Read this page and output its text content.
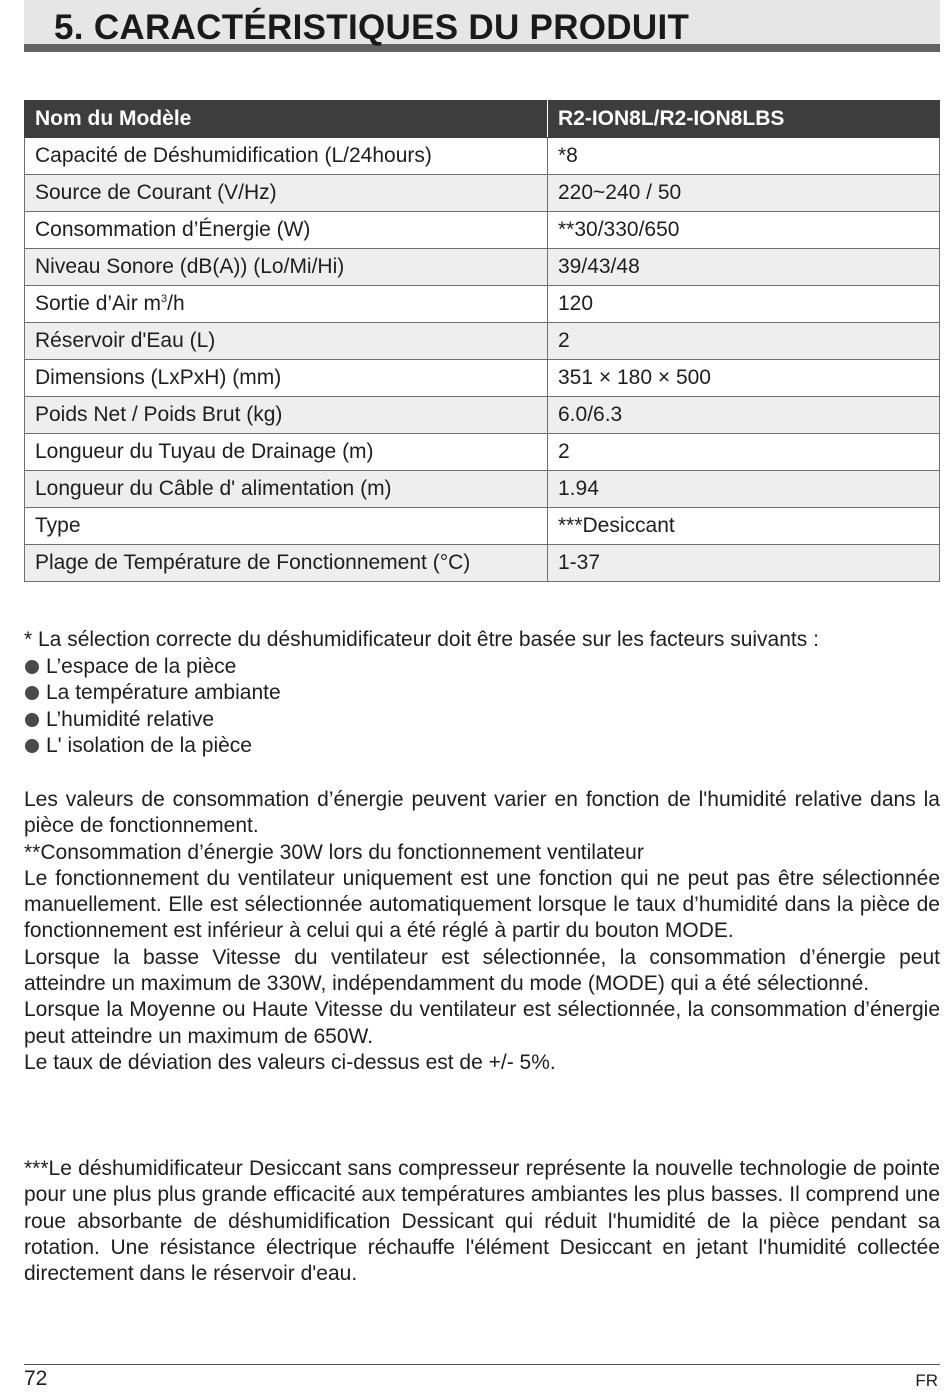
5. CARACTÉRISTIQUES DU PRODUIT
Nom du Modèle	R2-ION8L/R2-ION8LBS
Capacité de Déshumidification (L/24hours)	*8
Source de Courant (V/Hz)	220~240 / 50
Consommation d’Énergie (W)	**30/330/650
Niveau Sonore (dB(A)) (Lo/Mi/Hi)	39/43/48
Sortie d’Air $m^3/h$	120
Réservoir d'Eau (L)	2
Dimensions (LxPxH) (mm)	351 × 180 × 500
Poids Net / Poids Brut (kg)	6.0/6.3
Longueur du Tuyau de Drainage (m)	2
Longueur du Câble d' alimentation (m)	1.94
Type	***Desiccant
Plage de Température de Fonctionnement (°C)	1-37
* La sélection correcte du déshumidificateur doit être basée sur les facteurs suivants :
L’espace de la pièce
La température ambiante
L’humidité relative
L' isolation de la pièce

Les valeurs de consommation d’énergie peuvent varier en fonction de l'humidité relative dans la pièce de fonctionnement.

**Consommation d’énergie 30W lors du fonctionnement ventilateur

Le fonctionnement du ventilateur uniquement est une fonction qui ne peut pas être sélectionnée manuellement. Elle est sélectionnée automatiquement lorsque le taux d’humidité dans la pièce de fonctionnement est inférieur à celui qui a été réglé à partir du bouton MODE.

Lorsque la basse Vitesse du ventilateur est sélectionnée, la consommation d’énergie peut atteindre un maximum de 330W, indépendamment du mode (MODE) qui a été sélectionné.

Lorsque la Moyenne ou Haute Vitesse du ventilateur est sélectionnée, la consommation d’énergie peut atteindre un maximum de 650W.

Le taux de déviation des valeurs ci-dessus est de +/- 5%.

***Le déshumidificateur Desiccant sans compresseur représente la nouvelle technologie de pointe pour une plus plus grande efficacité aux températures ambiantes les plus basses. Il comprend une roue absorbante de déshumidification Dessicant qui réduit l'humidité de la pièce pendant sa rotation. Une résistance électrique réchauffe l'élément Desiccant en jetant l'humidité collectée directement dans le réservoir d'eau.

72	FR
